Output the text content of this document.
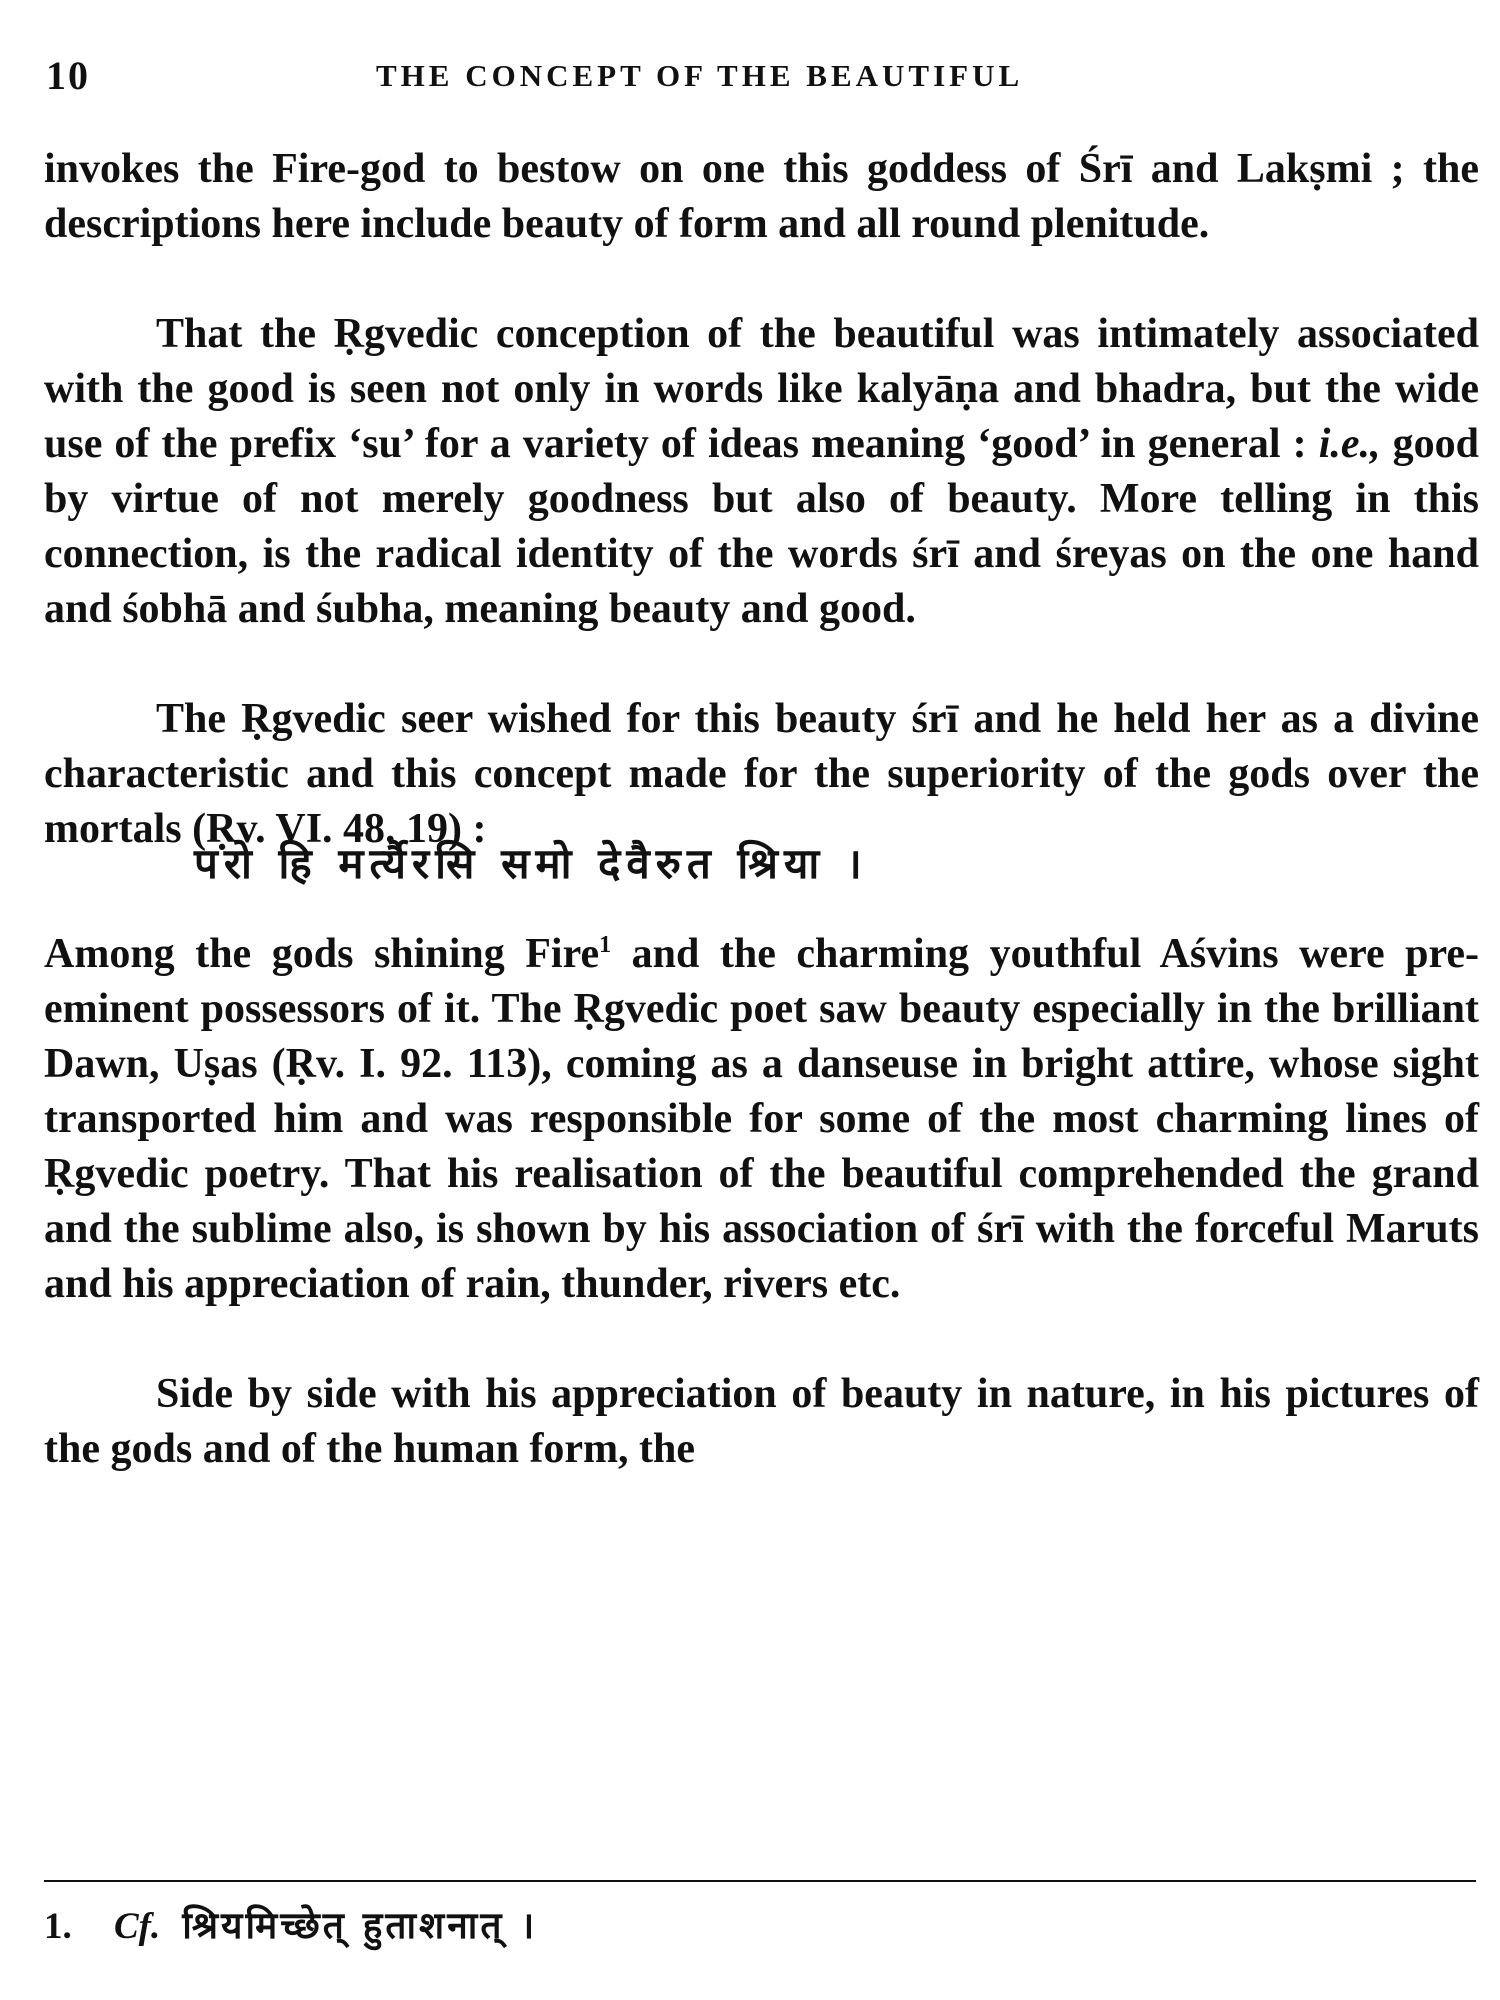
10	THE CONCEPT OF THE BEAUTIFUL

invokes the Fire-god to bestow on one this goddess of Śrī and Lakṣmi ; the descriptions here include beauty of form and all round plenitude.

That the Ṛgvedic conception of the beautiful was intimately associated with the good is seen not only in words like kalyāṇa and bhadra, but the wide use of the prefix ‘su’ for a variety of ideas meaning ‘good’ in general : i.e., good by virtue of not merely goodness but also of beauty. More telling in this connection, is the radical identity of the words śrī and śreyas on the one hand and śobhā and śubha, meaning beauty and good.

The Ṛgvedic seer wished for this beauty śrī and he held her as a divine characteristic and this concept made for the superiority of the gods over the mortals (Ṛv. VI. 48. 19) :

परो हि मर्त्यैरसि समो देवैरुत श्रिया ।

Among the gods shining Fire$^1$ and the charming youthful Aśvins were pre-eminent possessors of it. The Ṛgvedic poet saw beauty especially in the brilliant Dawn, Uṣas (Ṛv. I. 92. 113), coming as a danseuse in bright attire, whose sight transported him and was responsible for some of the most charming lines of Ṛgvedic poetry. That his realisation of the beautiful comprehended the grand and the sublime also, is shown by his association of śrī with the forceful Maruts and his appreciation of rain, thunder, rivers etc.

Side by side with his appreciation of beauty in nature, in his pictures of the gods and of the human form, the

1. Cf. श्रियमिच्छेत् हुताशनात् ।
